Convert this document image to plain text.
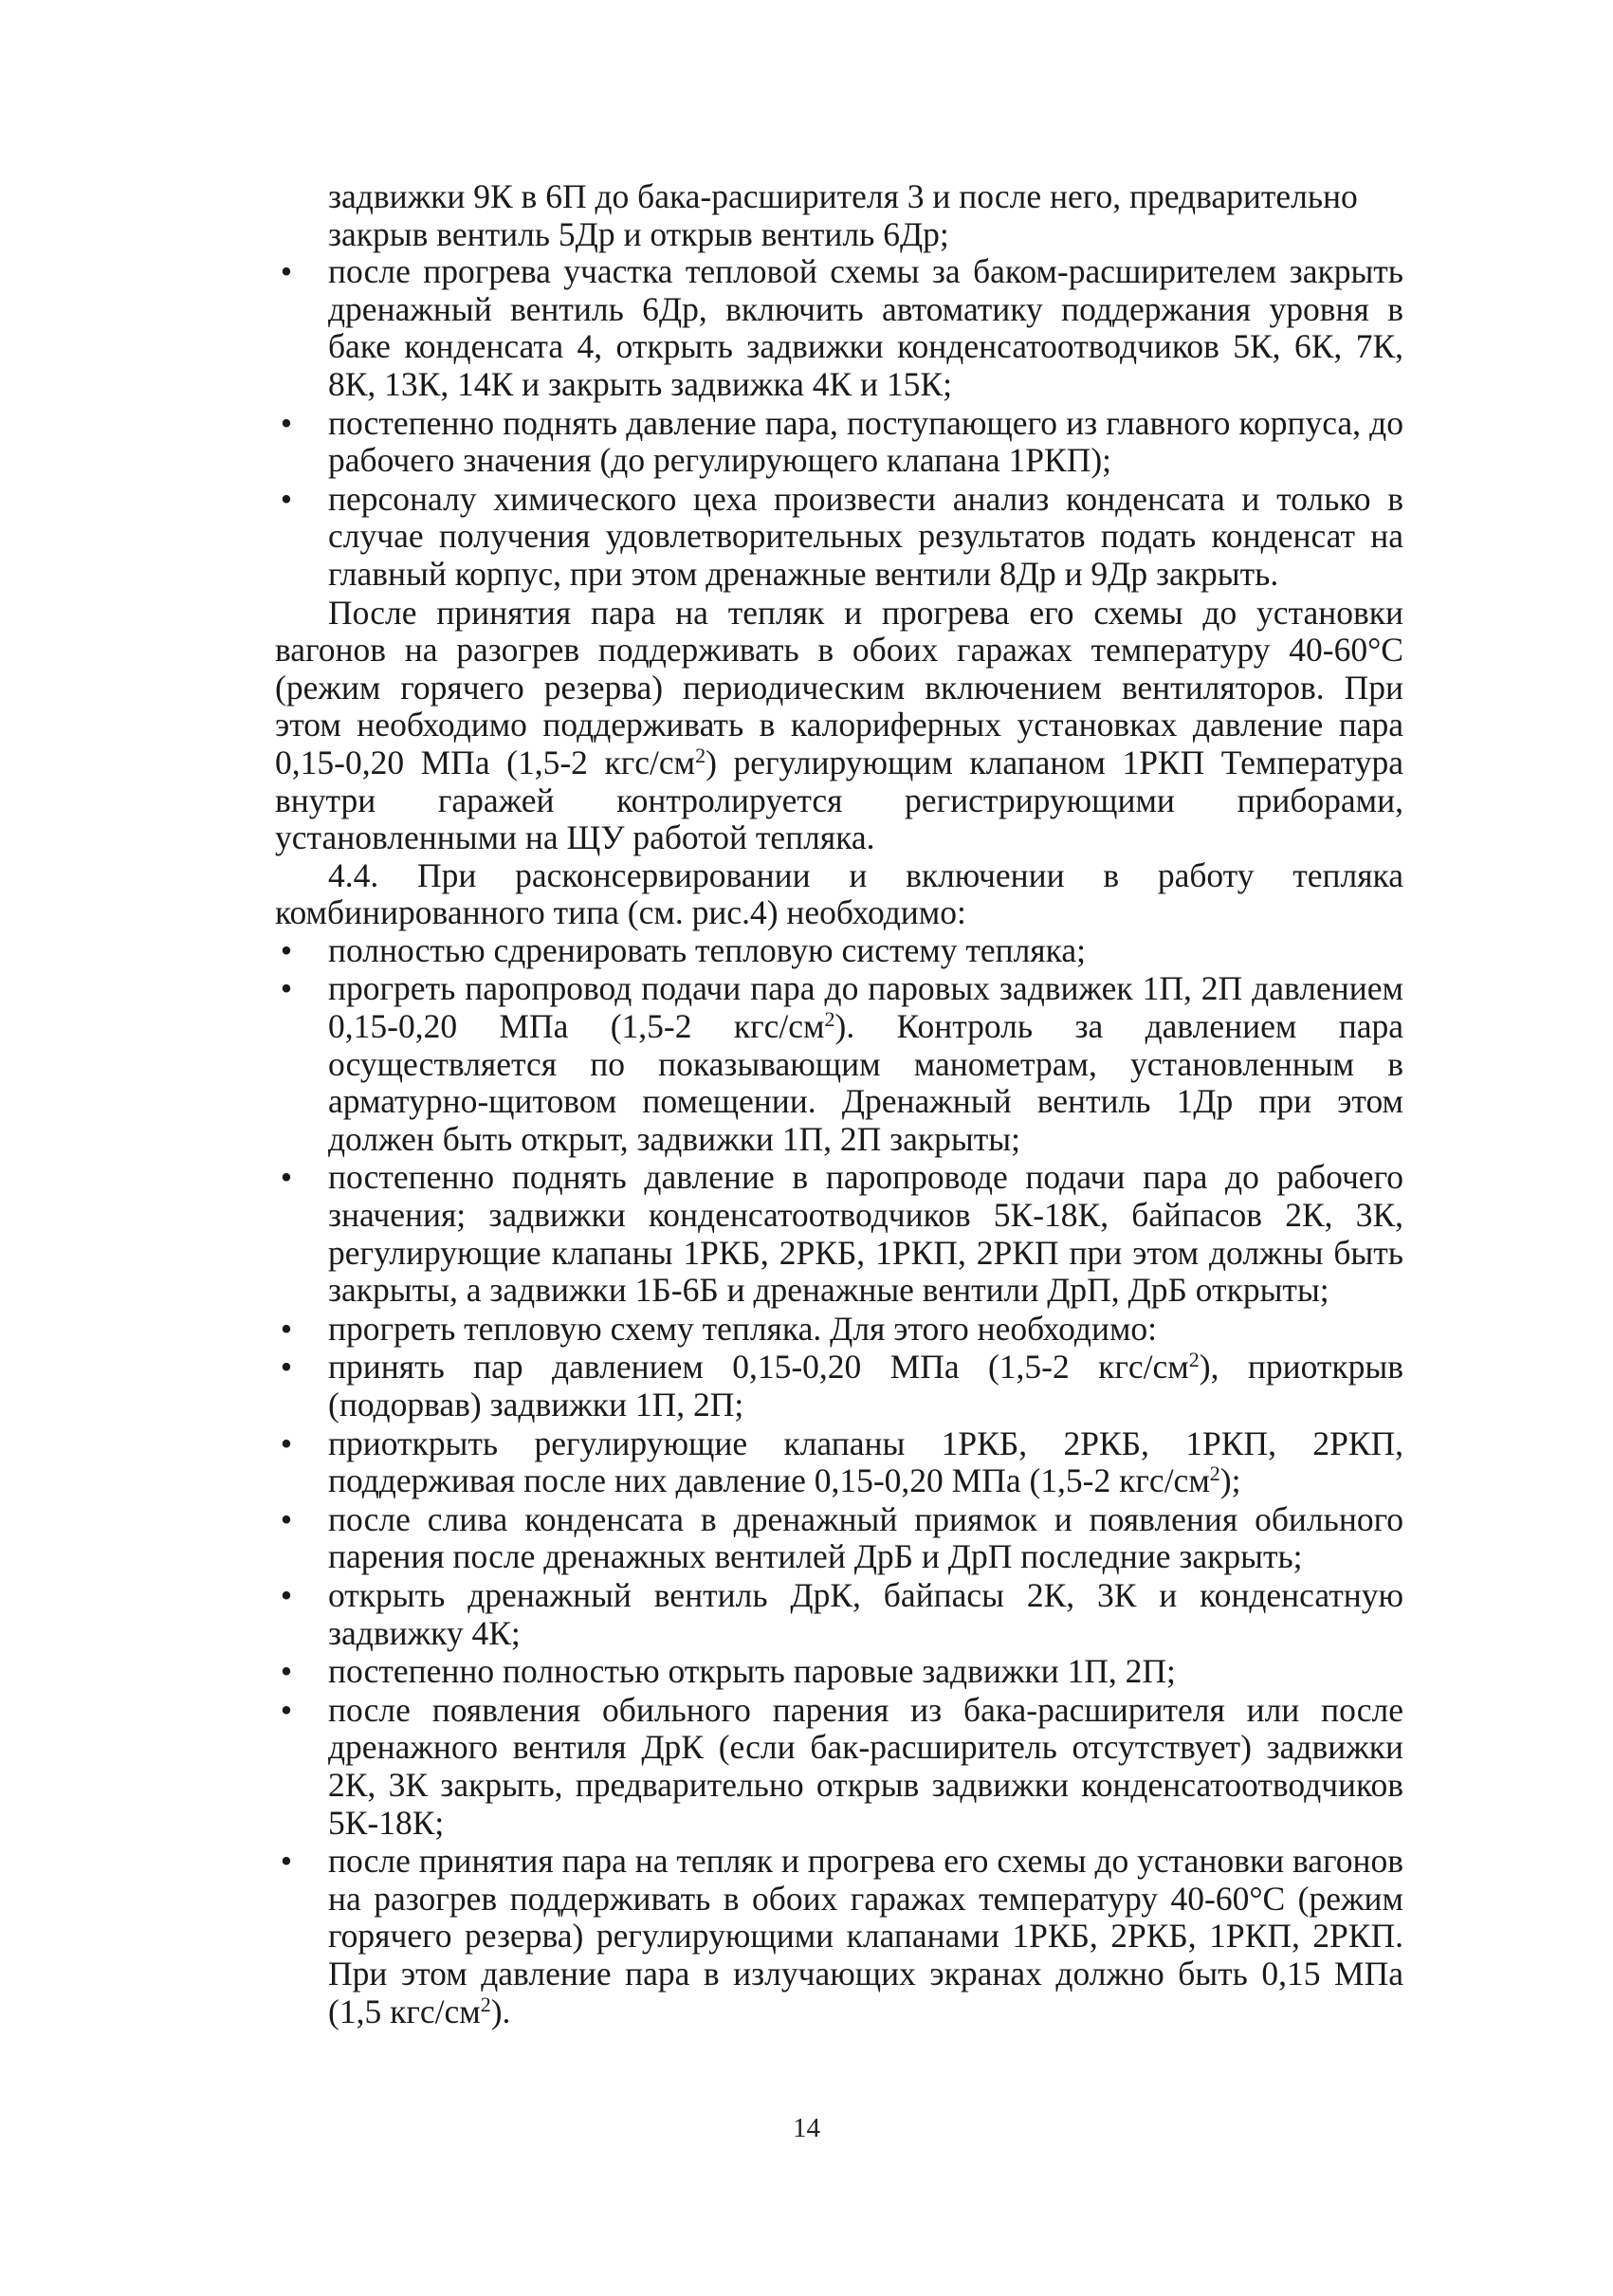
задвижки 9К в 6П до бака-расширителя 3 и после него, предварительно

закрыв вентиль 5Др и открыв вентиль 6Др;

• после прогрева участка тепловой схемы за баком-расширителем закрыть дренажный вентиль 6Др, включить автоматику поддержания уровня в баке конденсата 4, открыть задвижки конденсатоотводчиков 5К, 6К, 7К, 8К, 13К, 14К и закрыть задвижка 4К и 15К;
• постепенно поднять давление пара, поступающего из главного корпуса, до рабочего значения (до регулирующего клапана 1РКП);
• персоналу химического цеха произвести анализ конденсата и только в случае получения удовлетворительных результатов подать конденсат на главный корпус, при этом дренажные вентили 8Др и 9Др закрыть.

После принятия пара на тепляк и прогрева его схемы до установки вагонов на разогрев поддерживать в обоих гаражах температуру 40-60°С (режим горячего резерва) периодическим включением вентиляторов. При этом необходимо поддерживать в калориферных установках давление пара 0,15-0,20 МПа (1,5-2 кгс/$см^2$) регулирующим клапаном 1РКП Температура внутри гаражей контролируется регистрирующими приборами, установленными на ЩУ работой тепляка.

4.4. При расконсервировании и включении в работу тепляка комбинированного типа (см. рис.4) необходимо:

• полностью сдренировать тепловую систему тепляка;
• прогреть паропровод подачи пара до паровых задвижек 1П, 2П давлением 0,15-0,20 МПа (1,5-2 кгс/$см^2$). Контроль за давлением пара осуществляется по показывающим манометрам, установленным в арматурно-щитовом помещении. Дренажный вентиль 1Др при этом должен быть открыт, задвижки 1П, 2П закрыты;
• постепенно поднять давление в паропроводе подачи пара до рабочего значения; задвижки конденсатоотводчиков 5К-18К, байпасов 2К, 3К, регулирующие клапаны 1РКБ, 2РКБ, 1РКП, 2РКП при этом должны быть закрыты, а задвижки 1Б-6Б и дренажные вентили ДрП, ДрБ открыты;
• прогреть тепловую схему тепляка. Для этого необходимо:
• принять пар давлением 0,15-0,20 МПа (1,5-2 кгс/$см^2$), приоткрыв (подорвав) задвижки 1П, 2П;
• приоткрыть регулирующие клапаны 1РКБ, 2РКБ, 1РКП, 2РКП, поддерживая после них давление 0,15-0,20 МПа (1,5-2 кгс/$см^2$);
• после слива конденсата в дренажный приямок и появления обильного парения после дренажных вентилей ДрБ и ДрП последние закрыть;
• открыть дренажный вентиль ДрК, байпасы 2К, 3К и конденсатную задвижку 4К;
• постепенно полностью открыть паровые задвижки 1П, 2П;
• после появления обильного парения из бака-расширителя или после дренажного вентиля ДрК (если бак-расширитель отсутствует) задвижки 2К, 3К закрыть, предварительно открыв задвижки конденсатоотводчиков 5К-18К;
• после принятия пара на тепляк и прогрева его схемы до установки вагонов на разогрев поддерживать в обоих гаражах температуру 40-60°С (режим горячего резерва) регулирующими клапанами 1РКБ, 2РКБ, 1РКП, 2РКП. При этом давление пара в излучающих экранах должно быть 0,15 МПа (1,5 кгс/$см^2$).
14
